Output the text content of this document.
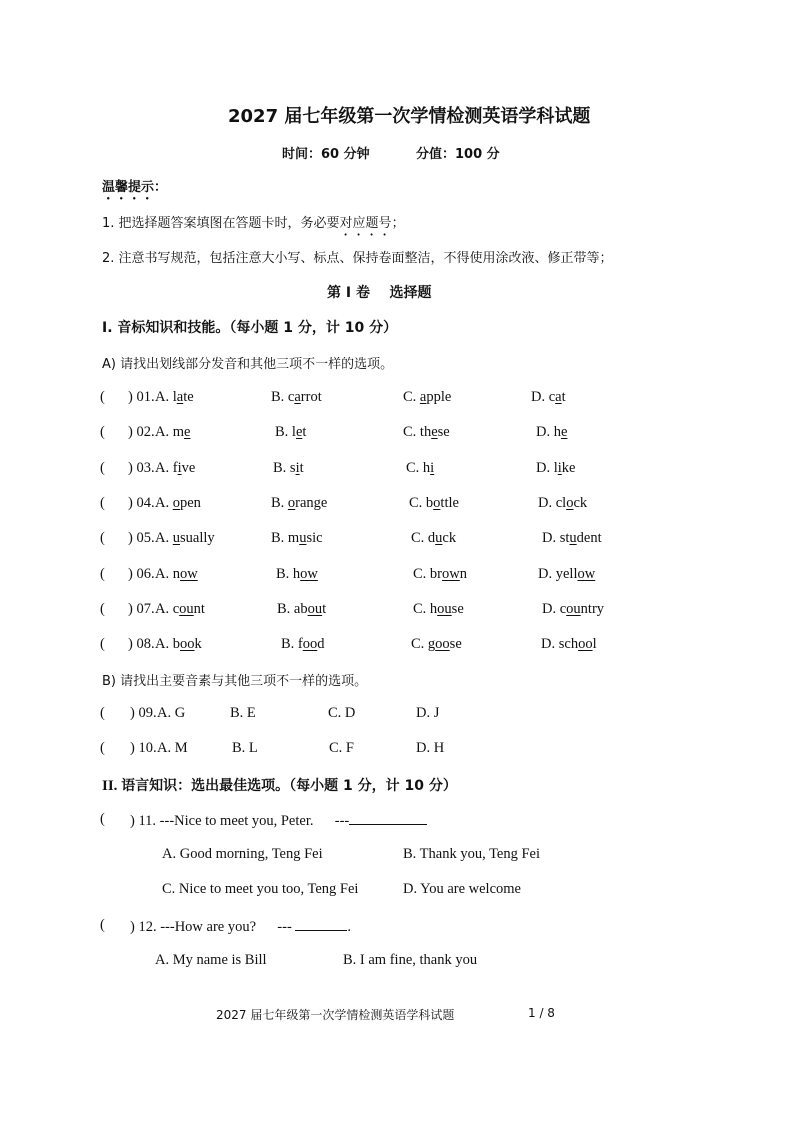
2027 届七年级第一次学情检测英语学科试题
时间：60 分钟	分值：100 分
温馨提示：
1. 把选择题答案填图在答题卡时，务必要对应题号；
2. 注意书写规范，包括注意大小写、标点、保持卷面整洁，不得使用涂改液、修正带等；
第 I 卷    选择题
I. 音标知识和技能。（每小题 1 分，计 10 分）
A) 请找出划线部分发音和其他三项不一样的选项。
( ) 01. A. late	B. carrot	C. apple	D. cat
( ) 02. A. me	B. let	C. these	D. he
( ) 03. A. five	B. sit	C. hi	D. like
( ) 04. A. open	B. orange	C. bottle	D. clock
( ) 05. A. usually	B. music	C. duck	D. student
( ) 06. A. now	B. how	C. brown	D. yellow
( ) 07. A. count	B. about	C. house	D. country
( ) 08. A. book	B. food	C. goose	D. school
B) 请找出主要音素与其他三项不一样的选项。
( ) 09. A. G	B. E	C. D	D. J
( ) 10. A. M	B. L	C. F	D. H
II. 语言知识：选出最佳选项。（每小题 1 分，计 10 分）
( ) 11. ---Nice to meet you, Peter. ---
A. Good morning, Teng Fei	B. Thank you, Teng Fei
C. Nice to meet you too, Teng Fei	D. You are welcome
( ) 12. ---How are you? ---	.
A. My name is Bill	B. I am fine, thank you
2027 届七年级第一次学情检测英语学科试题	1 / 8
